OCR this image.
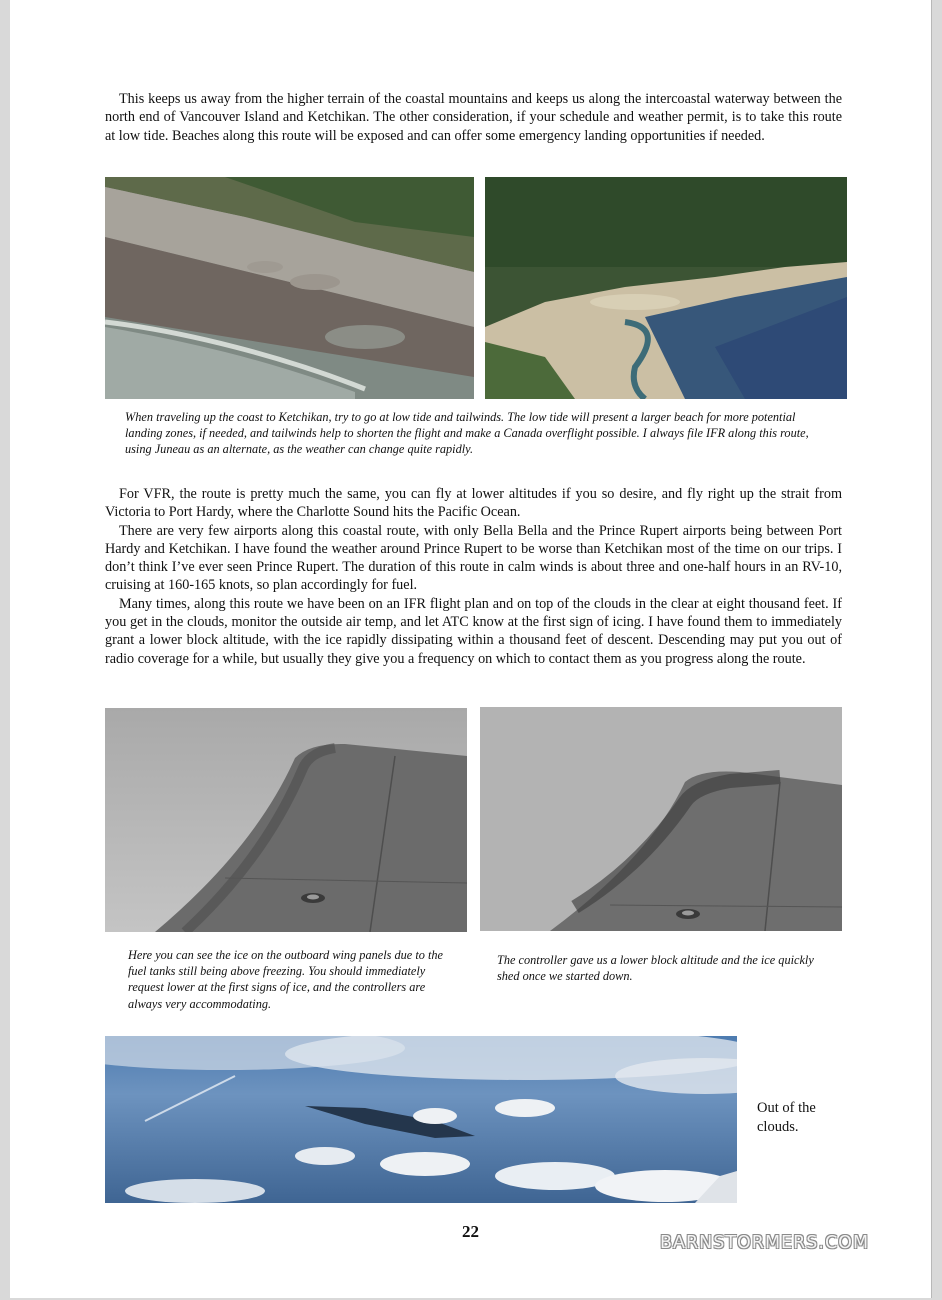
This keeps us away from the higher terrain of the coastal mountains and keeps us along the intercoastal waterway between the north end of Vancouver Island and Ketchikan. The other consideration, if your schedule and weather permit, is to take this route at low tide. Beaches along this route will be exposed and can offer some emergency landing opportunities if needed.

When traveling up the coast to Ketchikan, try to go at low tide and tailwinds. The low tide will present a larger beach for more potential landing zones, if needed, and tailwinds help to shorten the flight and make a Canada overflight possible. I always file IFR along this route, using Juneau as an alternate, as the weather can change quite rapidly.

For VFR, the route is pretty much the same, you can fly at lower altitudes if you so desire, and fly right up the strait from Victoria to Port Hardy, where the Charlotte Sound hits the Pacific Ocean.

There are very few airports along this coastal route, with only Bella Bella and the Prince Rupert airports being between Port Hardy and Ketchikan. I have found the weather around Prince Rupert to be worse than Ketchikan most of the time on our trips. I don’t think I’ve ever seen Prince Rupert. The duration of this route in calm winds is about three and one-half hours in an RV-10, cruising at 160-165 knots, so plan accordingly for fuel.

Many times, along this route we have been on an IFR flight plan and on top of the clouds in the clear at eight thousand feet. If you get in the clouds, monitor the outside air temp, and let ATC know at the first sign of icing. I have found them to immediately grant a lower block altitude, with the ice rapidly dissipating within a thousand feet of descent. Descending may put you out of radio coverage for a while, but usually they give you a frequency on which to contact them as you progress along the route.

Here you can see the ice on the outboard wing panels due to the fuel tanks still being above freezing. You should immediately request lower at the first signs of ice, and the controllers are always very accommodating.

The controller gave us a lower block altitude and the ice quickly shed once we started down.

Out of the clouds.
22
BARNSTORMERS.COM
